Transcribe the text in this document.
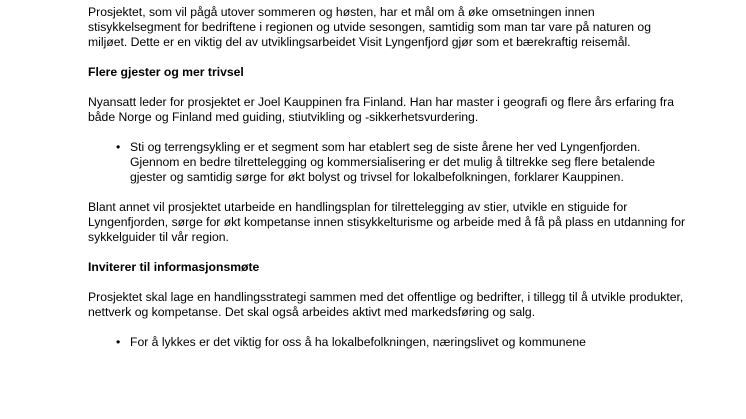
Prosjektet, som vil pågå utover sommeren og høsten, har et mål om å øke omsetningen innen stisykkelsegment for bedriftene i regionen og utvide sesongen, samtidig som man tar vare på naturen og miljøet. Dette er en viktig del av utviklingsarbeidet Visit Lyngenfjord gjør som et bærekraftig reisemål.

Flere gjester og mer trivsel

Nyansatt leder for prosjektet er Joel Kauppinen fra Finland. Han har master i geografi og flere års erfaring fra både Norge og Finland med guiding, stiutvikling og -sikkerhetsvurdering.

• Sti og terrengsykling er et segment som har etablert seg de siste årene her ved Lyngenfjorden. Gjennom en bedre tilrettelegging og kommersialisering er det mulig å tiltrekke seg flere betalende gjester og samtidig sørge for økt bolyst og trivsel for lokalbefolkningen, forklarer Kauppinen.

Blant annet vil prosjektet utarbeide en handlingsplan for tilrettelegging av stier, utvikle en stiguide for Lyngenfjorden, sørge for økt kompetanse innen stisykkelturisme og arbeide med å få på plass en utdanning for sykkelguider til vår region.

Inviterer til informasjonsmøte

Prosjektet skal lage en handlingsstrategi sammen med det offentlige og bedrifter, i tillegg til å utvikle produkter, nettverk og kompetanse. Det skal også arbeides aktivt med markedsføring og salg.

• For å lykkes er det viktig for oss å ha lokalbefolkningen, næringslivet og kommunene
